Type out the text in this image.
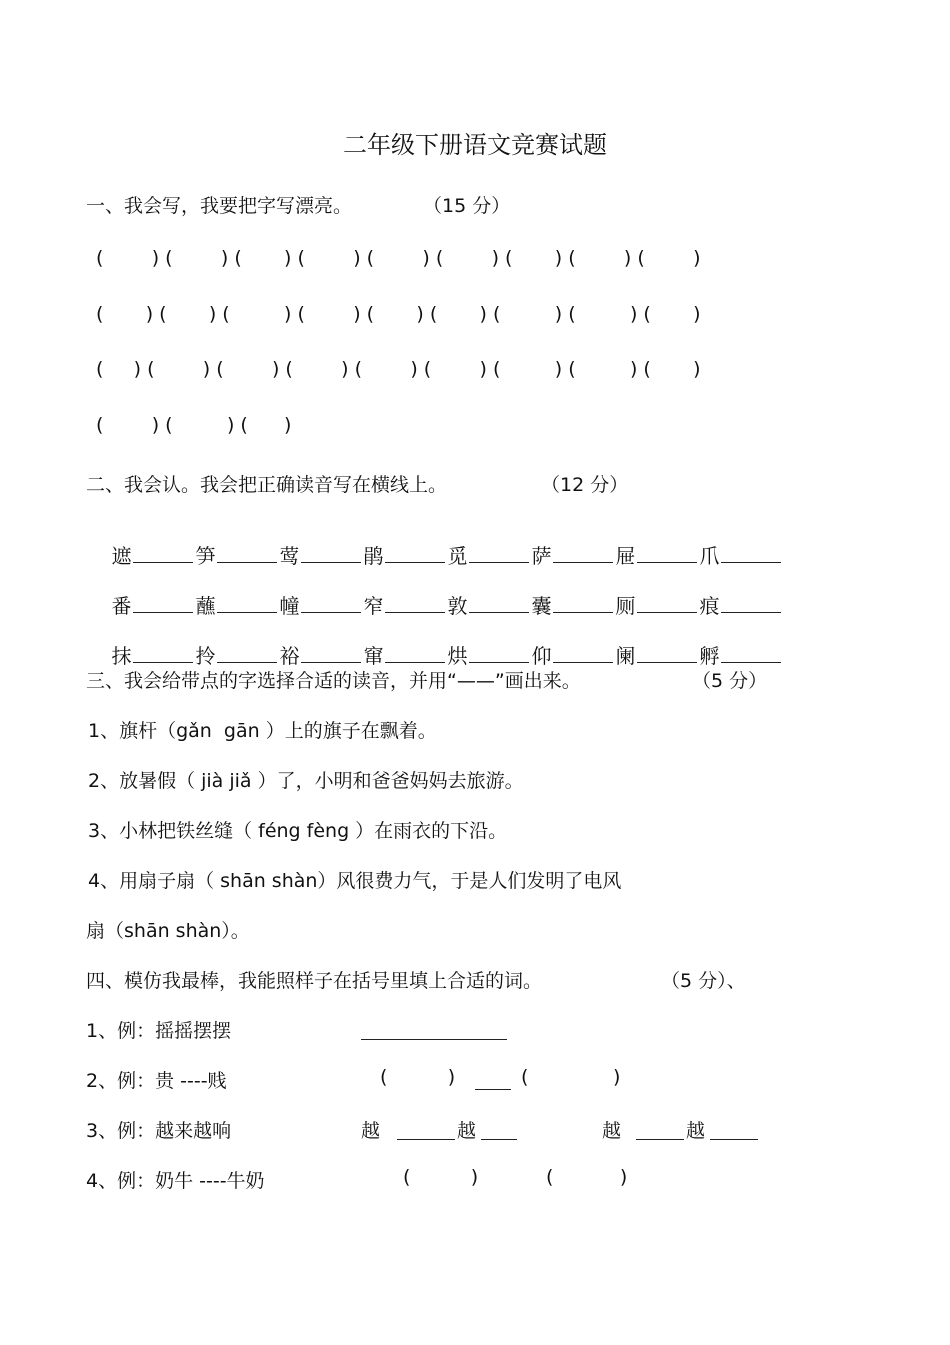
二年级下册语文竞赛试题
一、我会写，我要把字写漂亮。	（15 分）
(        ) (        ) (       ) (        ) (        ) (        ) (       ) (        ) (        )
(       ) (       ) (         ) (        ) (       ) (       ) (         ) (         ) (       )
(     ) (        ) (        ) (        ) (        ) (        ) (         ) (         ) (       )
(        ) (         ) (      )
二、我会认。我会把正确读音写在横线上。	（12 分）

遮	笋	莺	鹃	觅	萨	屉	爪

番	蘸	幢	窄	敦	囊	厕	痕

抹	拎	裕	窜	烘	仰	阑	孵

三、我会给带点的字选择合适的读音，并用“——”画出来。	（5 分）
1、旗杆（gǎn  gān ）上的旗子在飘着。
2、放暑假（ jià jiǎ ）了，小明和爸爸妈妈去旅游。
3、小林把铁丝缝（ féng fèng ）在雨衣的下沿。
4、用扇子扇（ shān shàn）风很费力气，于是人们发明了电风
扇（shān shàn）。
四、模仿我最棒，我能照样子在括号里填上合适的词。	（5 分）、
1、例：摇摇摆摆
2、例：贵 ----贱	(          )	(              )
3、例：越来越响	越	越	越	越
4、例：奶牛 ----牛奶	(          )	(           )
